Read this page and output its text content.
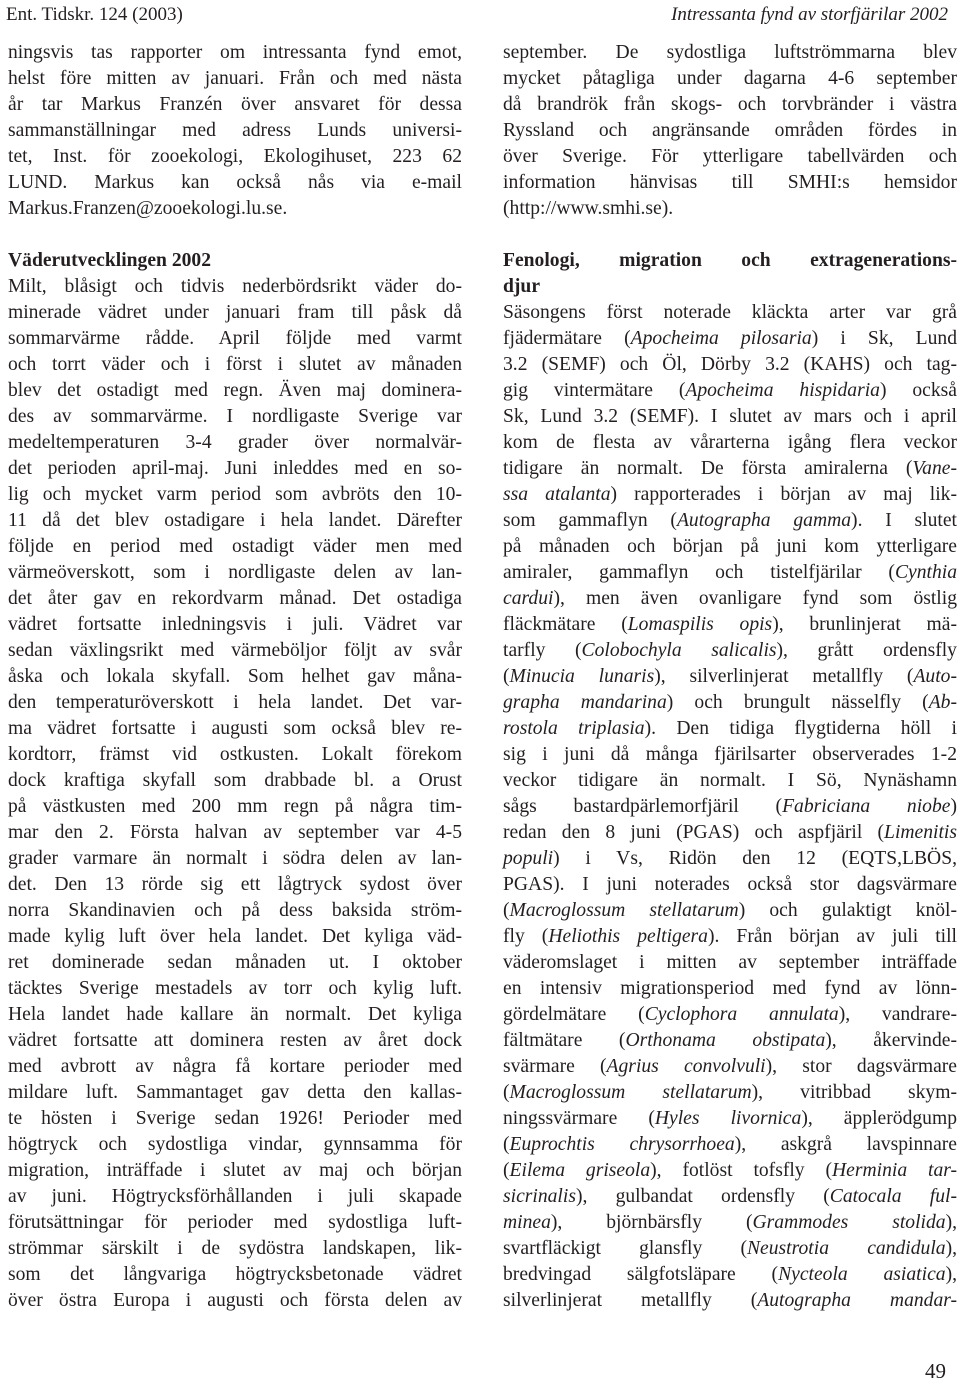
Ent. Tidskr. 124 (2003)	Intressanta fynd av storfjärilar 2002
ningsvis tas rapporter om intressanta fynd emot,
helst före mitten av januari. Från och med nästa
år tar Markus Franzén över ansvaret för dessa
sammanställningar med adress Lunds universi-
tet, Inst. för zooekologi, Ekologihuset, 223 62
LUND. Markus kan också nås via e-mail
Markus.Franzen@zooekologi.lu.se.
Väderutvecklingen 2002
Milt, blåsigt och tidvis nederbördsrikt väder do-
minerade vädret under januari fram till påsk då
sommarvärme rådde. April följde med varmt
och torrt väder och i först i slutet av månaden
blev det ostadigt med regn. Även maj dominera-
des av sommarvärme. I nordligaste Sverige var
medeltemperaturen 3-4 grader över normalvär-
det perioden april-maj. Juni inleddes med en so-
lig och mycket varm period som avbröts den 10-
11 då det blev ostadigare i hela landet. Därefter
följde en period med ostadigt väder men med
värmeöverskott, som i nordligaste delen av lan-
det åter gav en rekordvarm månad. Det ostadiga
vädret fortsatte inledningsvis i juli. Vädret var
sedan växlingsrikt med värmeböljor följt av svår
åska och lokala skyfall. Som helhet gav måna-
den temperaturöverskott i hela landet. Det var-
ma vädret fortsatte i augusti som också blev re-
kordtorr, främst vid ostkusten. Lokalt förekom
dock kraftiga skyfall som drabbade bl. a Orust
på västkusten med 200 mm regn på några tim-
mar den 2. Första halvan av september var 4-5
grader varmare än normalt i södra delen av lan-
det. Den 13 rörde sig ett lågtryck sydost över
norra Skandinavien och på dess baksida ström-
made kylig luft över hela landet. Det kyliga väd-
ret dominerade sedan månaden ut. I oktober
täcktes Sverige mestadels av torr och kylig luft.
Hela landet hade kallare än normalt. Det kyliga
vädret fortsatte att dominera resten av året dock
med avbrott av några få kortare perioder med
mildare luft. Sammantaget gav detta den kallas-
te hösten i Sverige sedan 1926! Perioder med
högtryck och sydostliga vindar, gynnsamma för
migration, inträffade i slutet av maj och början
av juni. Högtrycksförhållanden i juli skapade
förutsättningar för perioder med sydostliga luft-
strömmar särskilt i de sydöstra landskapen, lik-
som det långvariga högtrycksbetonade vädret
över östra Europa i augusti och första delen av
september. De sydostliga luftströmmarna blev
mycket påtagliga under dagarna 4-6 september
då brandrök från skogs- och torvbränder i västra
Ryssland och angränsande områden fördes in
över Sverige. För ytterligare tabellvärden och
information hänvisas till SMHI:s hemsidor
(http://www.smhi.se).
Fenologi, migration och extragenerations-
djur
Säsongens först noterade kläckta arter var grå
fjädermätare (Apocheima pilosaria) i Sk, Lund
3.2 (SEMF) och Öl, Dörby 3.2 (KAHS) och tag-
gig vintermätare (Apocheima hispidaria) också
Sk, Lund 3.2 (SEMF). I slutet av mars och i april
kom de flesta av vårarterna igång flera veckor
tidigare än normalt. De första amiralerna (Vane-
ssa atalanta) rapporterades i början av maj lik-
som gammaflyn (Autographa gamma). I slutet
på månaden och början på juni kom ytterligare
amiraler, gammaflyn och tistelfjärilar (Cynthia
cardui), men även ovanligare fynd som östlig
fläckmätare (Lomaspilis opis), brunlinjerat mä-
tarfly (Colobochyla salicalis), grått ordensfly
(Minucia lunaris), silverlinjerat metallfly (Auto-
grapha mandarina) och brungult nässelfly (Ab-
rostola triplasia). Den tidiga flygtiderna höll i
sig i juni då många fjärilsarter observerades 1-2
veckor tidigare än normalt. I Sö, Nynäshamn
sågs bastardpärlemorfjäril (Fabriciana niobe)
redan den 8 juni (PGAS) och aspfjäril (Limenitis
populi) i Vs, Ridön den 12 (EQTS,LBÖS,
PGAS). I juni noterades också stor dagsvärmare
(Macroglossum stellatarum) och gulaktigt knöl-
fly (Heliothis peltigera). Från början av juli till
väderomslaget i mitten av september inträffade
en intensiv migrationsperiod med fynd av lönn-
gördelmätare (Cyclophora annulata), vandrare-
fältmätare (Orthonama obstipata), åkervinde-
svärmare (Agrius convolvuli), stor dagsvärmare
(Macroglossum stellatarum), vitribbad skym-
ningssvärmare (Hyles livornica), äpplerödgump
(Euprochtis chrysorrhoea), askgrå lavspinnare
(Eilema griseola), fotlöst tofsfly (Herminia tar-
sicrinalis), gulbandat ordensfly (Catocala ful-
minea), björnbärsfly (Grammodes stolida),
svartfläckigt glansfly (Neustrotia candidula),
bredvingad sälgfotsläpare (Nycteola asiatica),
silverlinjerat metallfly (Autographa mandar-
49
